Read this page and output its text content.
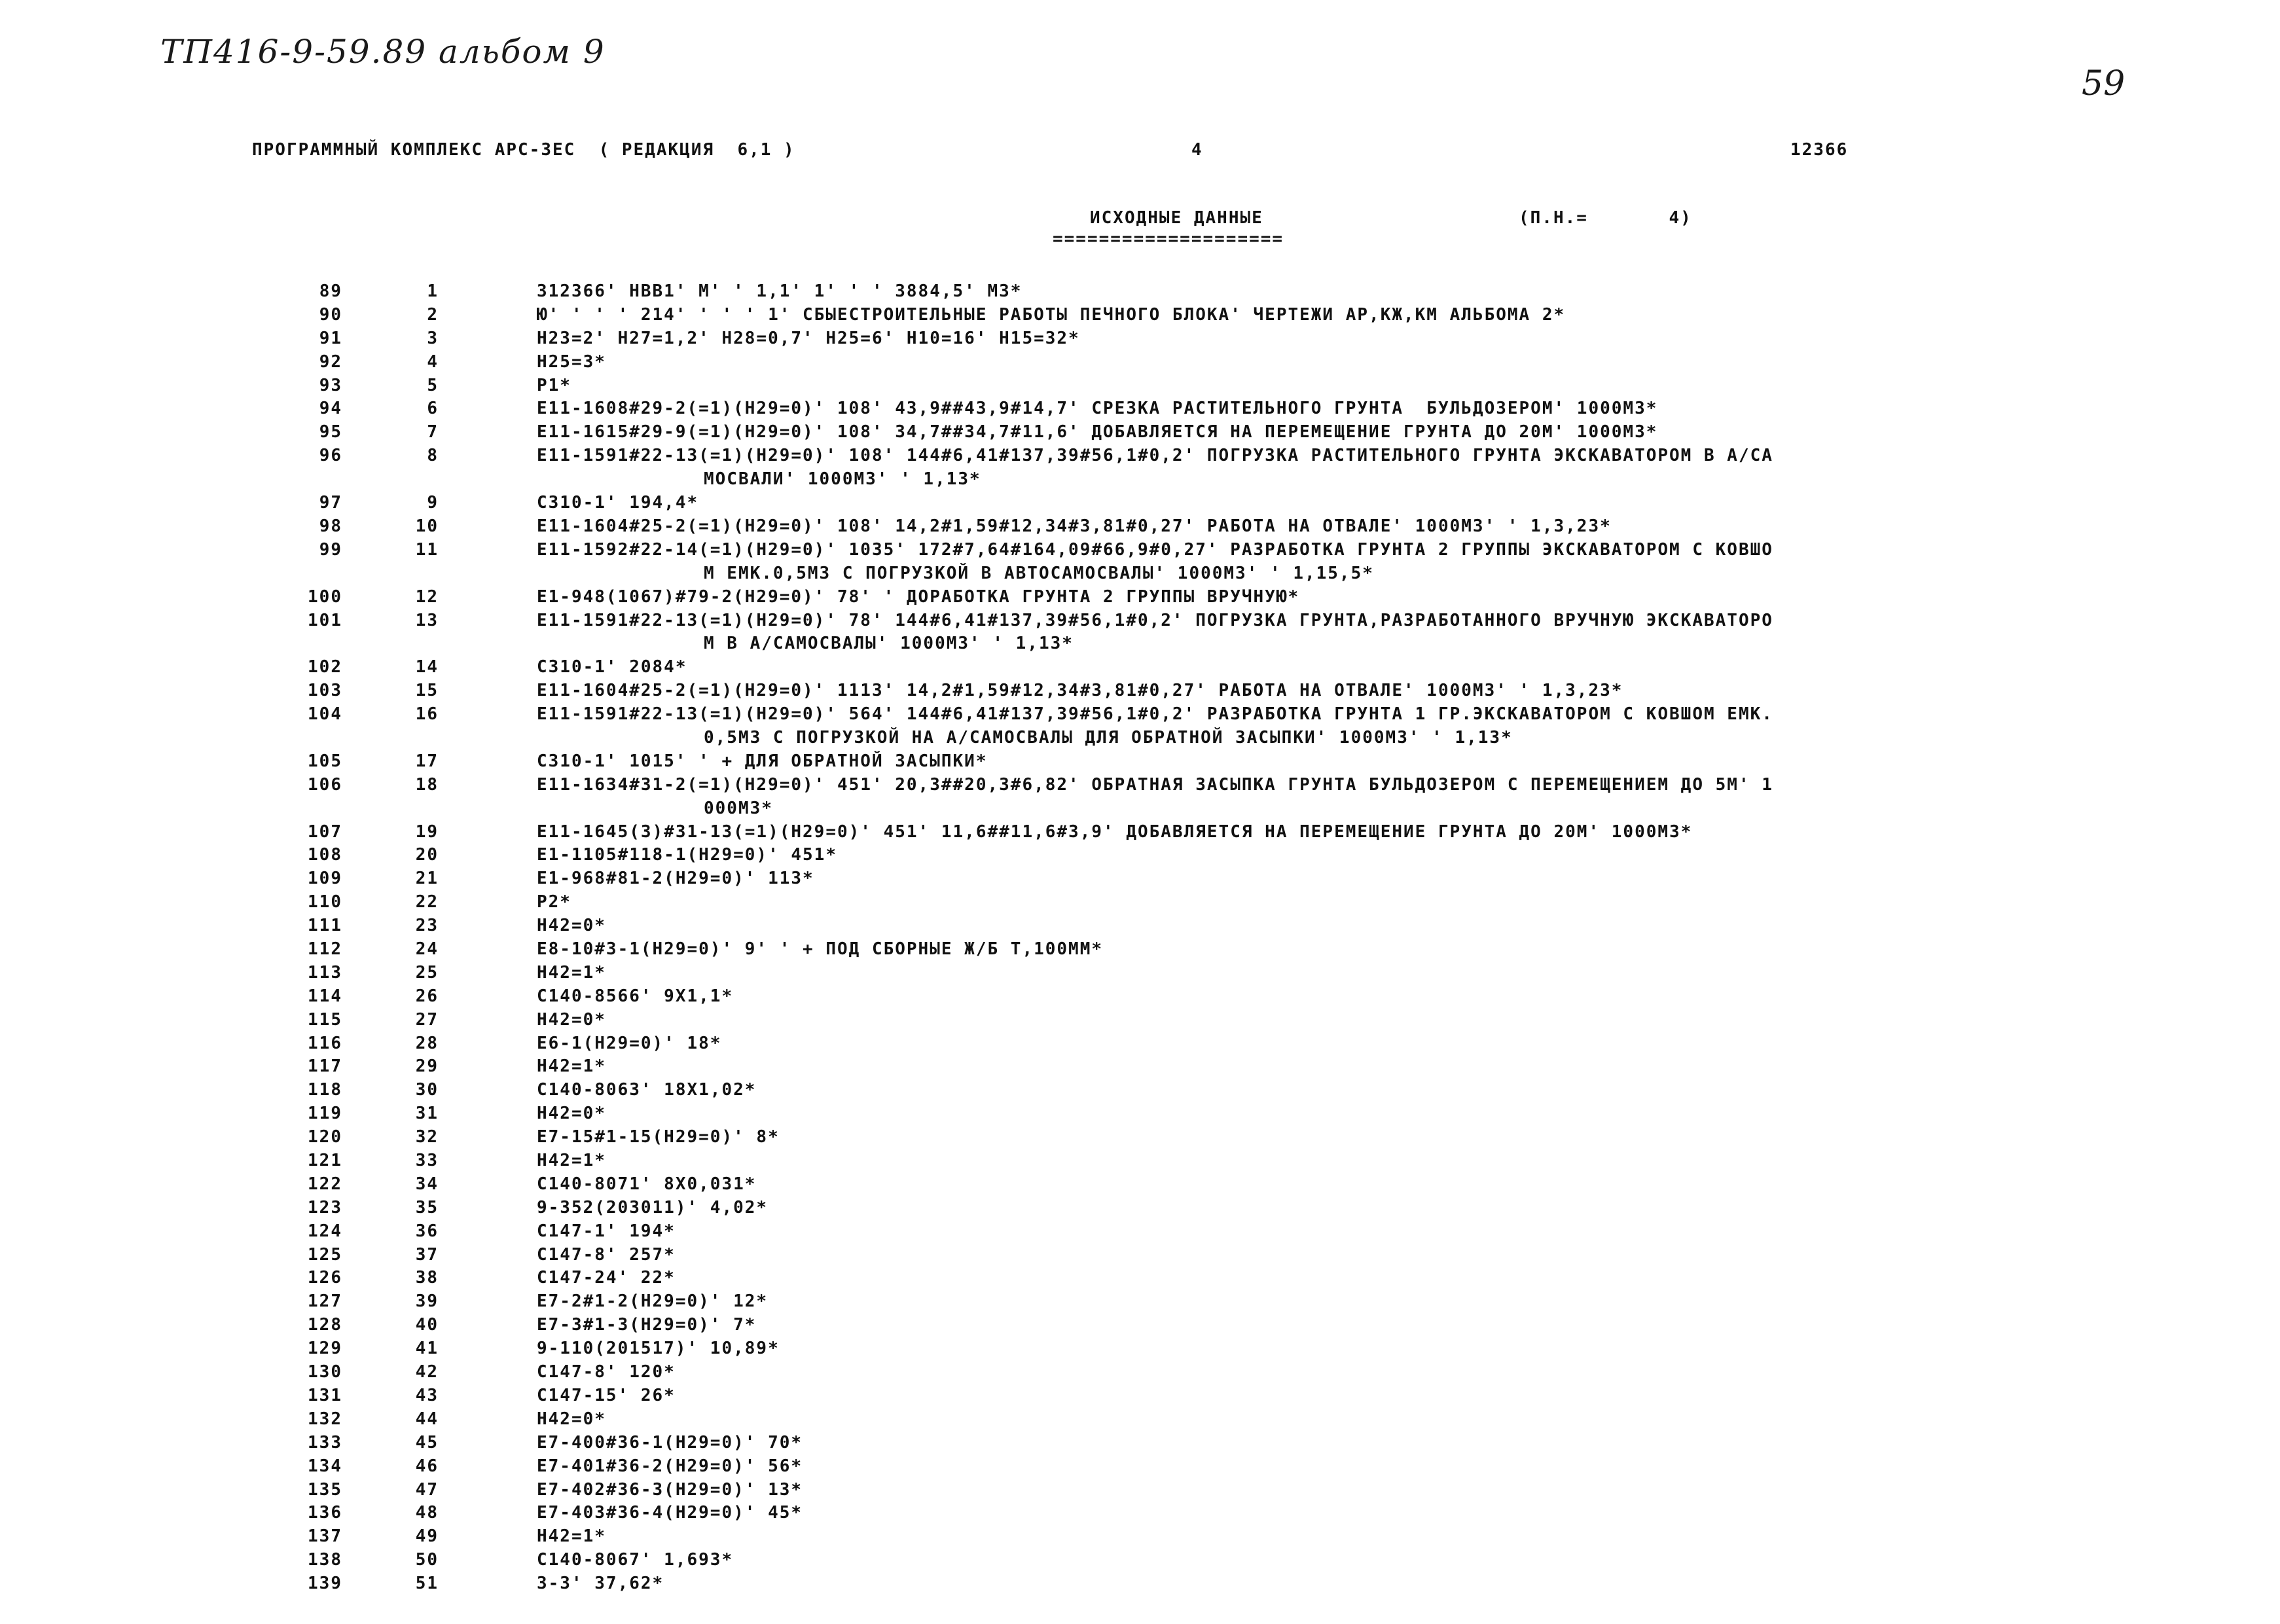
ТП416-9-59.89 альбом 9
59
ПРОГРАММНЫЙ КОМПЛЕКС АРС-ЗЕС  ( РЕДАКЦИЯ  6,1 )	4	12366
ИСХОДНЫЕ ДАННЫЕ	(П.Н.=       4)
====================
89	1	312366' НВВ1' М' ' 1,1' 1' ' ' 3884,5' МЗ*
90	2	Ю' ' ' ' 214' ' ' ' 1' СБЫЕСТРОИТЕЛЬНЫЕ РАБОТЫ ПЕЧНОГО БЛОКА' ЧЕРТЕЖИ АР,КЖ,КМ АЛЬБОМА 2*
91	3	Н23=2' Н27=1,2' Н28=0,7' Н25=6' Н10=16' Н15=32*
92	4	Н25=3*
93	5	Р1*
94	6	Е11-1608#29-2(=1)(Н29=0)' 108' 43,9##43,9#14,7' СРЕЗКА РАСТИТЕЛЬНОГО ГРУНТА  БУЛЬДОЗЕРОМ' 1000МЗ*
95	7	Е11-1615#29-9(=1)(Н29=0)' 108' 34,7##34,7#11,6' ДОБАВЛЯЕТСЯ НА ПЕРЕМЕЩЕНИЕ ГРУНТА ДО 20М' 1000МЗ*
96	8	Е11-1591#22-13(=1)(Н29=0)' 108' 144#6,41#137,39#56,1#0,2' ПОГРУЗКА РАСТИТЕЛЬНОГО ГРУНТА ЭКСКАВАТОРОМ В А/СА
МОСВАЛИ' 1000МЗ' ' 1,13*
97	9	С310-1' 194,4*
98	10	Е11-1604#25-2(=1)(Н29=0)' 108' 14,2#1,59#12,34#3,81#0,27' РАБОТА НА ОТВАЛЕ' 1000МЗ' ' 1,3,23*
99	11	Е11-1592#22-14(=1)(Н29=0)' 1035' 172#7,64#164,09#66,9#0,27' РАЗРАБОТКА ГРУНТА 2 ГРУППЫ ЭКСКАВАТОРОМ С КОВШО
М ЕМК.0,5МЗ С ПОГРУЗКОЙ В АВТОСАМОСВАЛЫ' 1000МЗ' ' 1,15,5*
100	12	Е1-948(1067)#79-2(Н29=0)' 78' ' ДОРАБОТКА ГРУНТА 2 ГРУППЫ ВРУЧНУЮ*
101	13	Е11-1591#22-13(=1)(Н29=0)' 78' 144#6,41#137,39#56,1#0,2' ПОГРУЗКА ГРУНТА,РАЗРАБОТАННОГО ВРУЧНУЮ ЭКСКАВАТОРО
М В А/САМОСВАЛЫ' 1000МЗ' ' 1,13*
102	14	С310-1' 2084*
103	15	Е11-1604#25-2(=1)(Н29=0)' 1113' 14,2#1,59#12,34#3,81#0,27' РАБОТА НА ОТВАЛЕ' 1000МЗ' ' 1,3,23*
104	16	Е11-1591#22-13(=1)(Н29=0)' 564' 144#6,41#137,39#56,1#0,2' РАЗРАБОТКА ГРУНТА 1 ГР.ЭКСКАВАТОРОМ С КОВШОМ ЕМК.
0,5МЗ С ПОГРУЗКОЙ НА А/САМОСВАЛЫ ДЛЯ ОБРАТНОЙ ЗАСЫПКИ' 1000МЗ' ' 1,13*
105	17	С310-1' 1015' ' + ДЛЯ ОБРАТНОЙ ЗАСЫПКИ*
106	18	Е11-1634#31-2(=1)(Н29=0)' 451' 20,3##20,3#6,82' ОБРАТНАЯ ЗАСЫПКА ГРУНТА БУЛЬДОЗЕРОМ С ПЕРЕМЕЩЕНИЕМ ДО 5М' 1
000МЗ*
107	19	Е11-1645(3)#31-13(=1)(Н29=0)' 451' 11,6##11,6#3,9' ДОБАВЛЯЕТСЯ НА ПЕРЕМЕЩЕНИЕ ГРУНТА ДО 20М' 1000МЗ*
108	20	Е1-1105#118-1(Н29=0)' 451*
109	21	Е1-968#81-2(Н29=0)' 113*
110	22	Р2*
111	23	Н42=0*
112	24	Е8-10#3-1(Н29=0)' 9' ' + ПОД СБОРНЫЕ Ж/Б Т,100ММ*
113	25	Н42=1*
114	26	С140-8566' 9Х1,1*
115	27	Н42=0*
116	28	Е6-1(Н29=0)' 18*
117	29	Н42=1*
118	30	С140-8063' 18Х1,02*
119	31	Н42=0*
120	32	Е7-15#1-15(Н29=0)' 8*
121	33	Н42=1*
122	34	С140-8071' 8Х0,031*
123	35	9-352(203011)' 4,02*
124	36	С147-1' 194*
125	37	С147-8' 257*
126	38	С147-24' 22*
127	39	Е7-2#1-2(Н29=0)' 12*
128	40	Е7-3#1-3(Н29=0)' 7*
129	41	9-110(201517)' 10,89*
130	42	С147-8' 120*
131	43	С147-15' 26*
132	44	Н42=0*
133	45	Е7-400#36-1(Н29=0)' 70*
134	46	Е7-401#36-2(Н29=0)' 56*
135	47	Е7-402#36-3(Н29=0)' 13*
136	48	Е7-403#36-4(Н29=0)' 45*
137	49	Н42=1*
138	50	С140-8067' 1,693*
139	51	3-3' 37,62*
